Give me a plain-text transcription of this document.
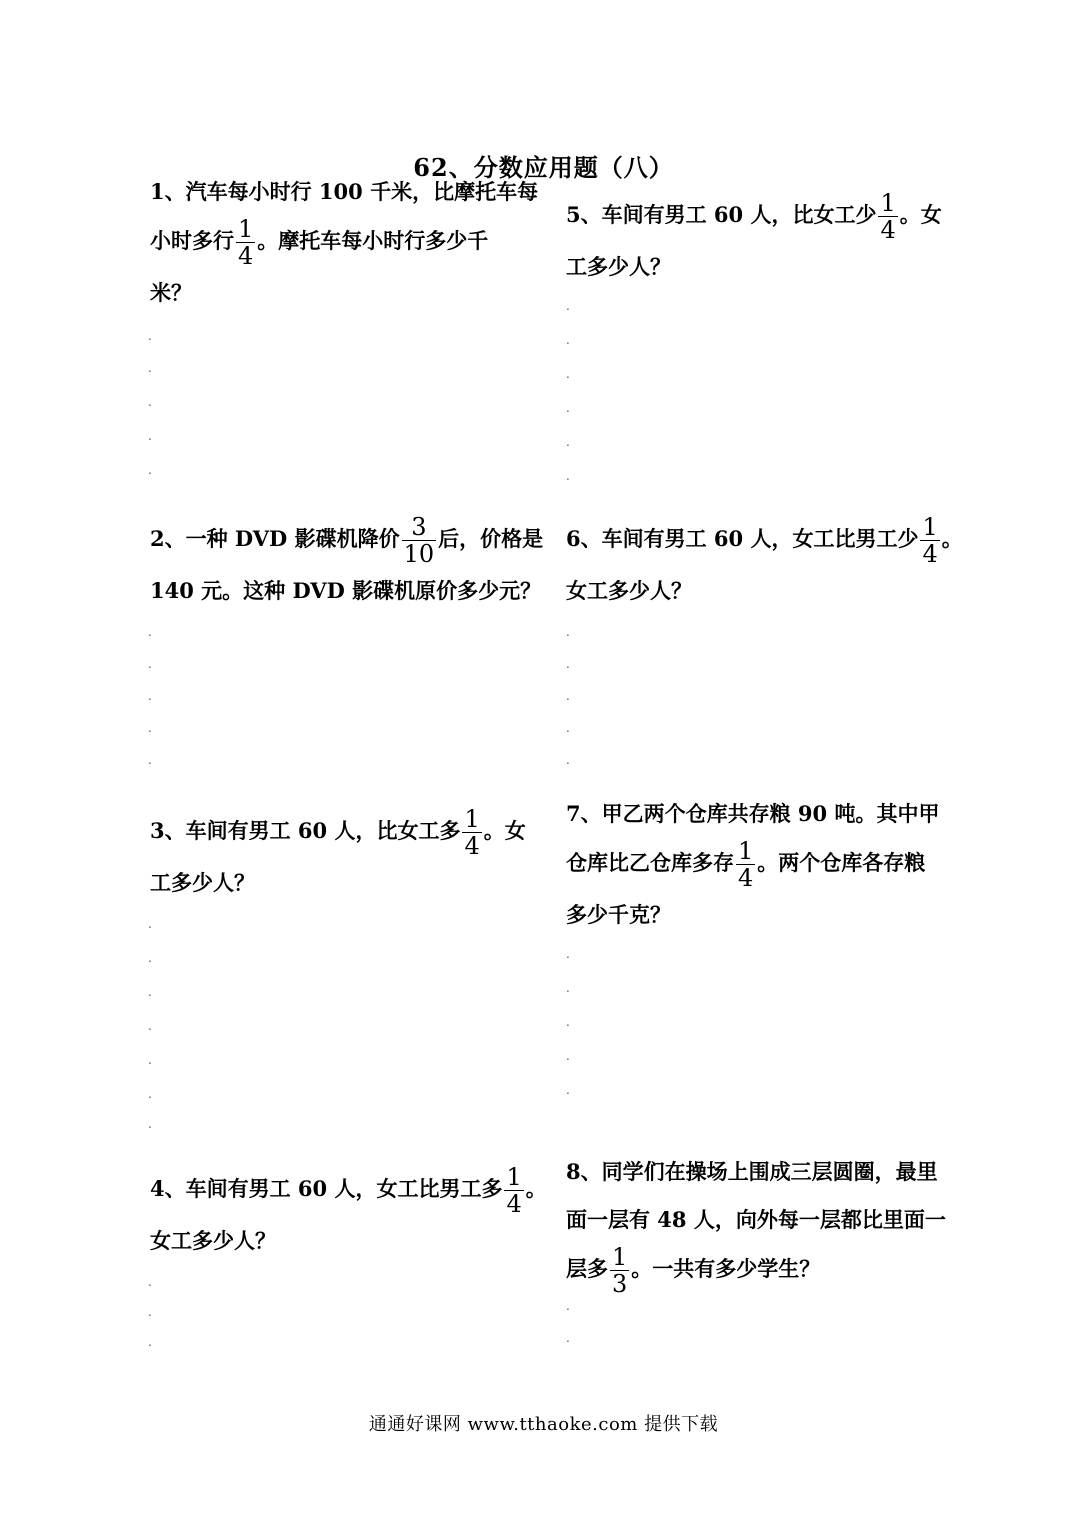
62、分数应用题（八）
1、汽车每小时行 100 千米，比摩托车每
小时多行 $\frac{1}{4}$ 。摩托车每小时行多少千
米？
2、一种 DVD 影碟机降价 $\frac{3}{10}$ 后，价格是
140 元。这种 DVD 影碟机原价多少元？
3、车间有男工 60 人，比女工多 $\frac{1}{4}$ 。女
工多少人？
4、车间有男工 60 人，女工比男工多 $\frac{1}{4}$ 。
女工多少人？
5、车间有男工 60 人，比女工少 $\frac{1}{4}$ 。女
工多少人？
6、车间有男工 60 人，女工比男工少 $\frac{1}{4}$ 。
女工多少人？
7、甲乙两个仓库共存粮 90 吨。其中甲
仓库比乙仓库多存 $\frac{1}{4}$ 。两个仓库各存粮
多少千克？
8、同学们在操场上围成三层圆圈，最里
面一层有 48 人，向外每一层都比里面一
层多 $\frac{1}{3}$ 。一共有多少学生？
.
.
.
.
.
.
.
.
.
.
.
.
.
.
.
.
.
.
.
.
.
.
.
.
.
.
.
.
.
.
.
.
.
.
.
.
.
.
通通好课网 www.tthaoke.com 提供下载
